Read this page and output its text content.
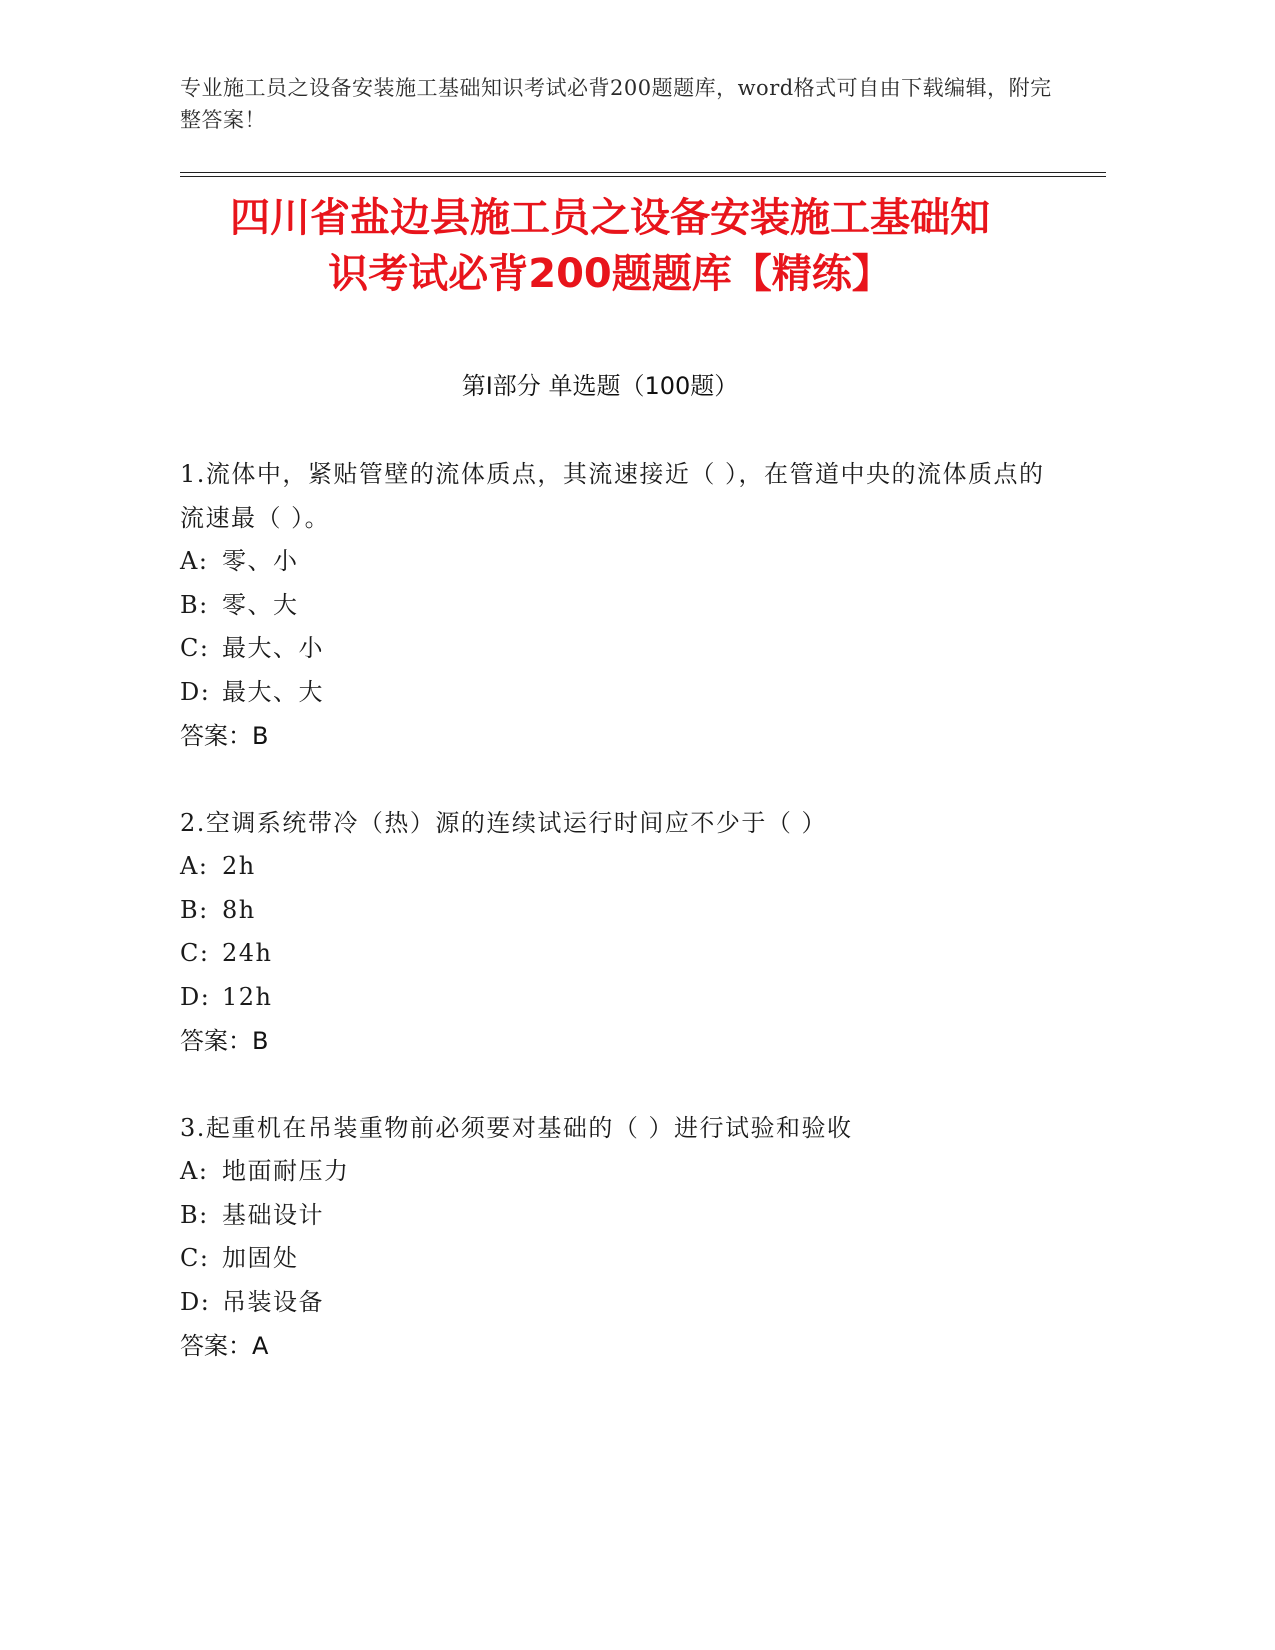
专业施工员之设备安装施工基础知识考试必背200题题库，word格式可自由下载编辑，附完整答案！
四川省盐边县施工员之设备安装施工基础知
识考试必背200题题库【精练】
第Ⅰ部分 单选题（100题）
1.流体中，紧贴管壁的流体质点，其流速接近（ ），在管道中央的流体质点的流速最（ ）。
A: 零、小
B: 零、大
C: 最大、小
D: 最大、大
答案：B
2.空调系统带冷（热）源的连续试运行时间应不少于（ ）
A: 2h
B: 8h
C: 24h
D: 12h
答案：B
3.起重机在吊装重物前必须要对基础的（ ）进行试验和验收
A: 地面耐压力
B: 基础设计
C: 加固处
D: 吊装设备
答案：A
